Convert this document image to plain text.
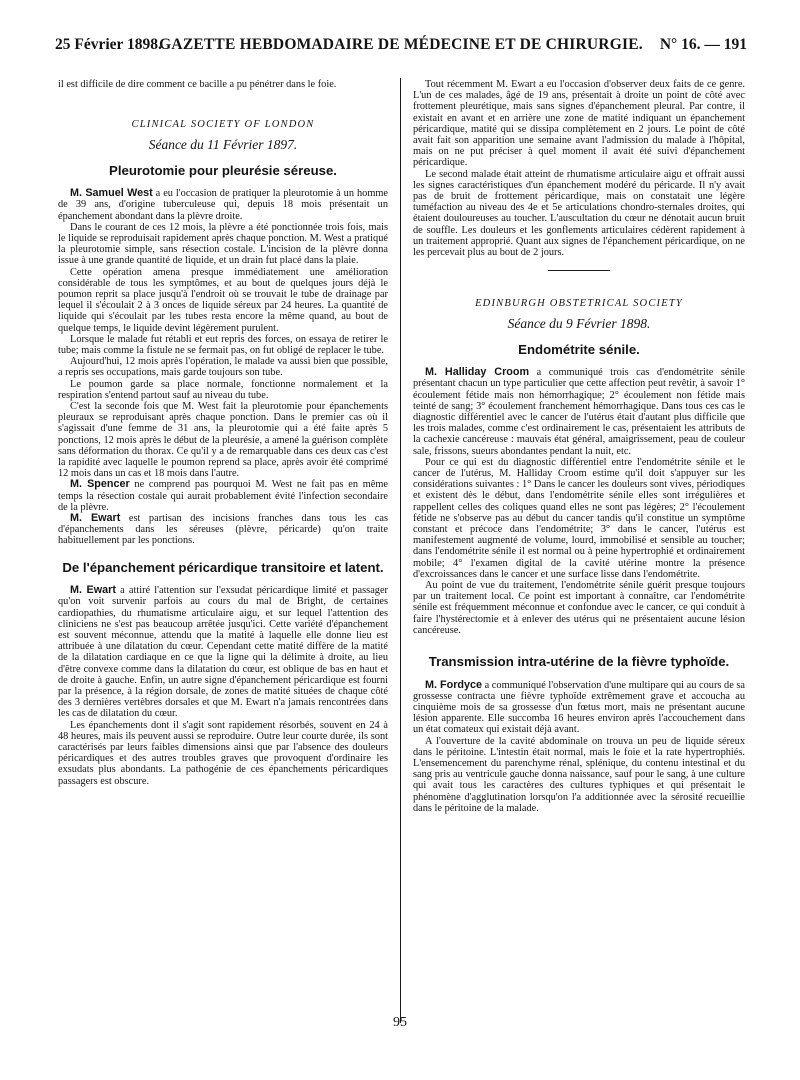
25 Février 1898.
GAZETTE HEBDOMADAIRE DE MÉDECINE ET DE CHIRURGIE.	N° 16. — 191

il est difficile de dire comment ce bacille a pu pénétrer dans le foie.

CLINICAL SOCIETY OF LONDON
Séance du 11 Février 1897.
Pleurotomie pour pleurésie séreuse.

M. Samuel West a eu l'occasion de pratiquer la pleurotomie à un homme de 39 ans, d'origine tuberculeuse qui, depuis 18 mois présentait un épanchement abondant dans la plèvre droite.

Dans le courant de ces 12 mois, la plèvre a été ponctionnée trois fois, mais le liquide se reproduisait rapidement après chaque ponction. M. West a pratiqué la pleurotomie simple, sans résection costale. L'incision de la plèvre donna issue à une grande quantité de liquide, et un drain fut placé dans la plaie.

Cette opération amena presque immédiatement une amélioration considérable de tous les symptômes, et au bout de quelques jours déjà le poumon reprit sa place jusqu'à l'endroit où se trouvait le tube de drainage par lequel il s'écoulait 2 à 3 onces de liquide séreux par 24 heures. La quantité de liquide qui s'écoulait par les tubes resta encore la même quand, au bout de quelque temps, le liquide devint légèrement purulent.

Lorsque le malade fut rétabli et eut repris des forces, on essaya de retirer le tube; mais comme la fistule ne se fermait pas, on fut obligé de replacer le tube.

Aujourd'hui, 12 mois après l'opération, le malade va aussi bien que possible, a repris ses occupations, mais garde toujours son tube.

Le poumon garde sa place normale, fonctionne normalement et la respiration s'entend partout sauf au niveau du tube.

C'est la seconde fois que M. West fait la pleurotomie pour épanchements pleuraux se reproduisant après chaque ponction. Dans le premier cas où il s'agissait d'une femme de 31 ans, la pleurotomie qui a été faite après 5 ponctions, 12 mois après le début de la pleurésie, a amené la guérison complète sans déformation du thorax. Ce qu'il y a de remarquable dans ces deux cas c'est la rapidité avec laquelle le poumon reprend sa place, après avoir été comprimé 12 mois dans un cas et 18 mois dans l'autre.

M. Spencer ne comprend pas pourquoi M. West ne fait pas en même temps la résection costale qui aurait probablement évité l'infection secondaire de la plèvre.

M. Ewart est partisan des incisions franches dans tous les cas d'épanchements dans les séreuses (plèvre, péricarde) qu'on traite habituellement par les ponctions.

De l'épanchement péricardique transitoire et latent.

M. Ewart a attiré l'attention sur l'exsudat péricardique limité et passager qu'on voit survenir parfois au cours du mal de Bright, de certaines cardiopathies, du rhumatisme articulaire aigu, et sur lequel l'attention des cliniciens ne s'est pas beaucoup arrêtée jusqu'ici. Cette variété d'épanchement est souvent méconnue, attendu que la matité à laquelle elle donne lieu est attribuée à une dilatation du cœur. Cependant cette matité diffère de la matité de la dilatation cardiaque en ce que la ligne qui la délimite à droite, au lieu d'être convexe comme dans la dilatation du cœur, est oblique de bas en haut et de droite à gauche. Enfin, un autre signe d'épanchement péricardique est fourni par la présence, à la région dorsale, de zones de matité situées de chaque côté des 3 dernières vertèbres dorsales et que M. Ewart n'a jamais rencontrées dans les cas de dilatation du cœur.

Les épanchements dont il s'agit sont rapidement résorbés, souvent en 24 à 48 heures, mais ils peuvent aussi se reproduire. Outre leur courte durée, ils sont caractérisés par leurs faibles dimensions ainsi que par l'absence des douleurs péricardiques et des autres troubles graves que provoquent d'ordinaire les exsudats plus abondants. La pathogénie de ces épanchements péricardiques passagers est obscure.

Tout récemment M. Ewart a eu l'occasion d'observer deux faits de ce genre. L'un de ces malades, âgé de 19 ans, présentait à droite un point de côté avec frottement pleurétique, mais sans signes d'épanchement pleural. Par contre, il existait en avant et en arrière une zone de matité indiquant un épanchement péricardique, matité qui se dissipa complètement en 2 jours. Le point de côté avait fait son apparition une semaine avant l'admission du malade à l'hôpital, mais on ne put préciser à quel moment il avait été suivi d'épanchement péricardique.

Le second malade était atteint de rhumatisme articulaire aigu et offrait aussi les signes caractéristiques d'un épanchement modéré du péricarde. Il n'y avait pas de bruit de frottement péricardique, mais on constatait une légère tuméfaction au niveau des 4e et 5e articulations chondro-sternales droites, qui étaient douloureuses au toucher. L'auscultation du cœur ne dénotait aucun bruit de souffle. Les douleurs et les gonflements articulaires cédèrent rapidement à un traitement approprié. Quant aux signes de l'épanchement péricardique, on ne les percevait plus au bout de 2 jours.

EDINBURGH OBSTETRICAL SOCIETY
Séance du 9 Février 1898.
Endométrite sénile.

M. Halliday Croom a communiqué trois cas d'endométrite sénile présentant chacun un type particulier que cette affection peut revêtir, à savoir 1° écoulement fétide mais non hémorrhagique; 2° écoulement non fétide mais teinté de sang; 3° écoulement franchement hémorrhagique. Dans tous ces cas le diagnostic différentiel avec le cancer de l'utérus était d'autant plus difficile que les trois malades, comme c'est ordinairement le cas, présentaient les attributs de la cachexie cancéreuse : mauvais état général, amaigrissement, peau de couleur sale, frissons, sueurs abondantes pendant la nuit, etc.

Pour ce qui est du diagnostic différentiel entre l'endométrite sénile et le cancer de l'utérus, M. Halliday Croom estime qu'il doit s'appuyer sur les considérations suivantes : 1° Dans le cancer les douleurs sont vives, périodiques et existent dès le début, dans l'endométrite sénile elles sont irrégulières et rappellent celles des coliques quand elles ne sont pas légères; 2° l'écoulement fétide ne s'observe pas au début du cancer tandis qu'il constitue un symptôme constant et précoce dans l'endométrite; 3° dans le cancer, l'utérus est manifestement augmenté de volume, lourd, immobilisé et sensible au toucher; dans l'endométrite sénile il est normal ou à peine hypertrophié et ordinairement mobile; 4° l'examen digital de la cavité utérine montre la présence d'excroissances dans le cancer et une surface lisse dans l'endométrite.

Au point de vue du traitement, l'endométrite sénile guérit presque toujours par un traitement local. Ce point est important à connaître, car l'endométrite sénile est fréquemment méconnue et confondue avec le cancer, ce qui conduit à faire l'hystérectomie et à enlever des utérus qui ne présentaient aucune lésion cancéreuse.

Transmission intra-utérine de la fièvre typhoïde.

M. Fordyce a communiqué l'observation d'une multipare qui au cours de sa grossesse contracta une fièvre typhoïde extrêmement grave et accoucha au cinquième mois de sa grossesse d'un fœtus mort, mais ne présentant aucune lésion apparente. Elle succomba 16 heures environ après l'accouchement dans un état comateux qui existait déjà avant.

A l'ouverture de la cavité abdominale on trouva un peu de liquide séreux dans le péritoine. L'intestin était normal, mais le foie et la rate hypertrophiés. L'ensemencement du parenchyme rénal, splénique, du contenu intestinal et du sang pris au ventricule gauche donna naissance, sauf pour le sang, à une culture qui avait tous les caractères des cultures typhiques et qui présentait le phénomène d'agglutination lorsqu'on l'a additionnée avec la sérosité recueillie dans le péritoine de la malade.

95
